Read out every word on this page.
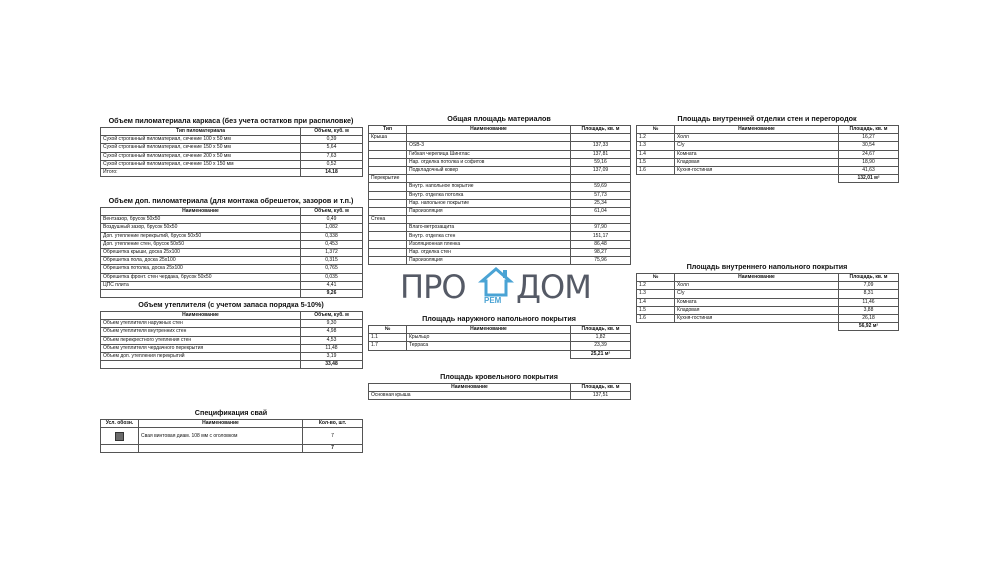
Объем пиломатериала каркаса (без учета остатков при распиловке)
Тип пиломатериала	Объем, куб. м
Сухой строганный пиломатериал, сечение 100 х 50 мм	0,39
Сухой строганный пиломатериал, сечение 150 х 50 мм	5,64
Сухой строганный пиломатериал, сечение 200 х 50 мм	7,63
Сухой строганный пиломатериал, сечение 150 х 150 мм	0,52
Итого:	14.18
Объем доп. пиломатериала (для монтажа обрешеток, зазоров и т.п.)
Наименование	Объем, куб. м
Вентзазор, брусок 50х50	0,49
Воздушный зазор, брусок 50х50	1,082
Доп. утепление перекрытий, брусок 50х50	0,338
Доп. утепление стен, брусок 50х50	0,453
Обрешетка крыши, доска 25х100	1,372
Обрешетка пола, доска 25х100	0,315
Обрешетка потолка, доска 25х100	0,765
Обрешетка фронт. стен чердака, брусок 50х50	0,035
ЦПС плита	4,41
	9,26
Объем утеплителя (с учетом запаса порядка 5-10%)
Наименование	Объем, куб. м
Объем утеплителя наружных стен	9,30
Объем утеплителя внутренних стен	4,98
Объем перекрестного утепления стен	4,53
Объем утеплителя чердачного перекрытия	11,48
Объем доп. утепления перекрытий	3,19
	33,48
Спецификация свай
Усл. обозн.	Наименование	Кол-во, шт.
	Свая винтовая диам. 108 мм с оголовком	7
		7
Общая площадь материалов
Тип	Наименование	Площадь, кв. м
Крыша		
	OSB-3	137,33
	Гибкая черепица Шинглас	137,81
	Нар. отделка потолка и софитов	59,16
	Подкладочный ковер	137,09
Перекрытие		
	Внутр. напольное покрытие	59,69
	Внутр. отделка потолка	57,73
	Нар. напольное покрытие	25,34
	Пароизоляция	61,04
Стена		
	Влаго-ветрозащита	97,90
	Внутр. отделка стен	151,17
	Изоляционная пленка	86,48
	Нар. отделка стен	98,27
	Пароизоляция	75,96
ПРО РЕМ ДОМ
Площадь наружного напольного покрытия
№	Наименование	Площадь, кв. м
1.1	Крыльцо	1,82
1.7	Терраса	23,39
		25,21 м²
Площадь кровельного покрытия
Наименование	Площадь, кв. м
Основная крыша	137,51
Площадь внутренней отделки стен и перегородок
№	Наименование	Площадь, кв. м
1.2	Холл	16,27
1.3	С/у	30,54
1.4	Комната	24,67
1.5	Кладовая	18,90
1.6	Кухня-гостиная	41,63
		132,01 м²
Площадь внутреннего напольного покрытия
№	Наименование	Площадь, кв. м
1.2	Холл	7,09
1.3	С/у	8,31
1.4	Комната	11,46
1.5	Кладовая	3,88
1.6	Кухня-гостиная	26,18
		56,92 м²
